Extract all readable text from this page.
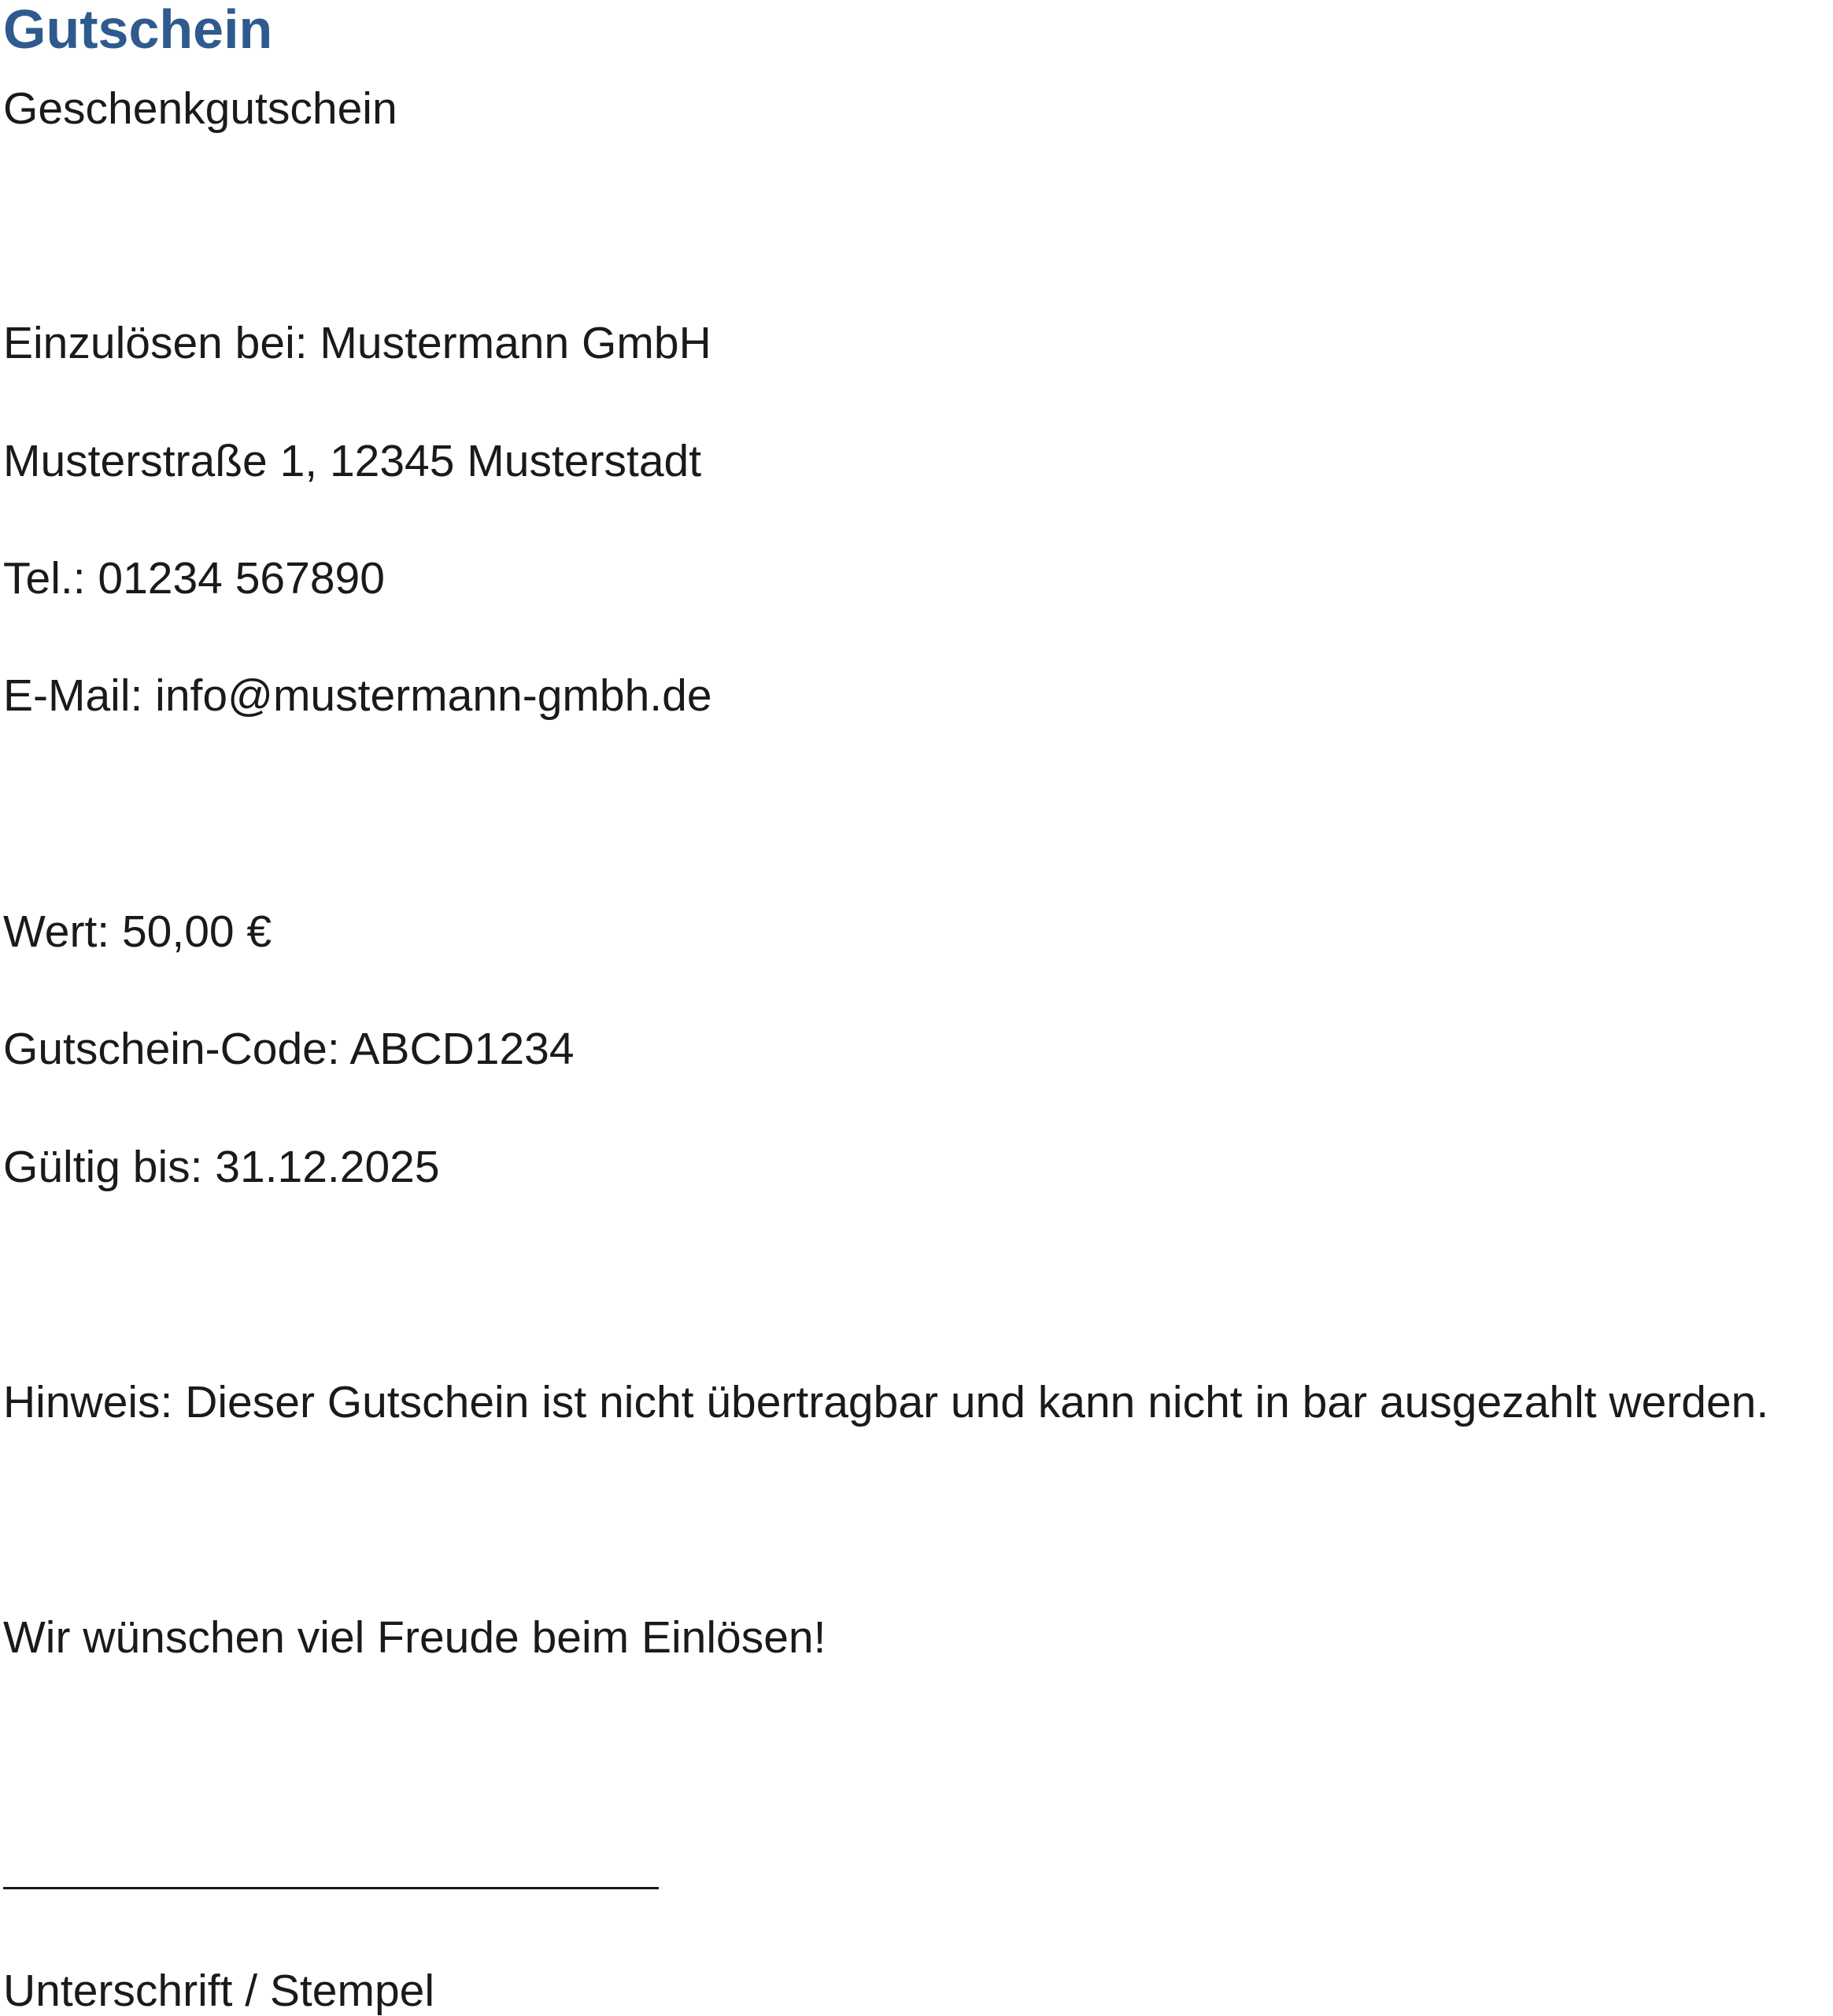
Gutschein

Geschenkgutschein

Einzulösen bei: Mustermann GmbH

Musterstraße 1, 12345 Musterstadt

Tel.: 01234 567890

E-Mail: info@mustermann-gmbh.de

Wert: 50,00 €

Gutschein-Code: ABCD1234

Gültig bis: 31.12.2025

Hinweis: Dieser Gutschein ist nicht übertragbar und kann nicht in bar ausgezahlt werden.

Wir wünschen viel Freude beim Einlösen!

Unterschrift / Stempel
